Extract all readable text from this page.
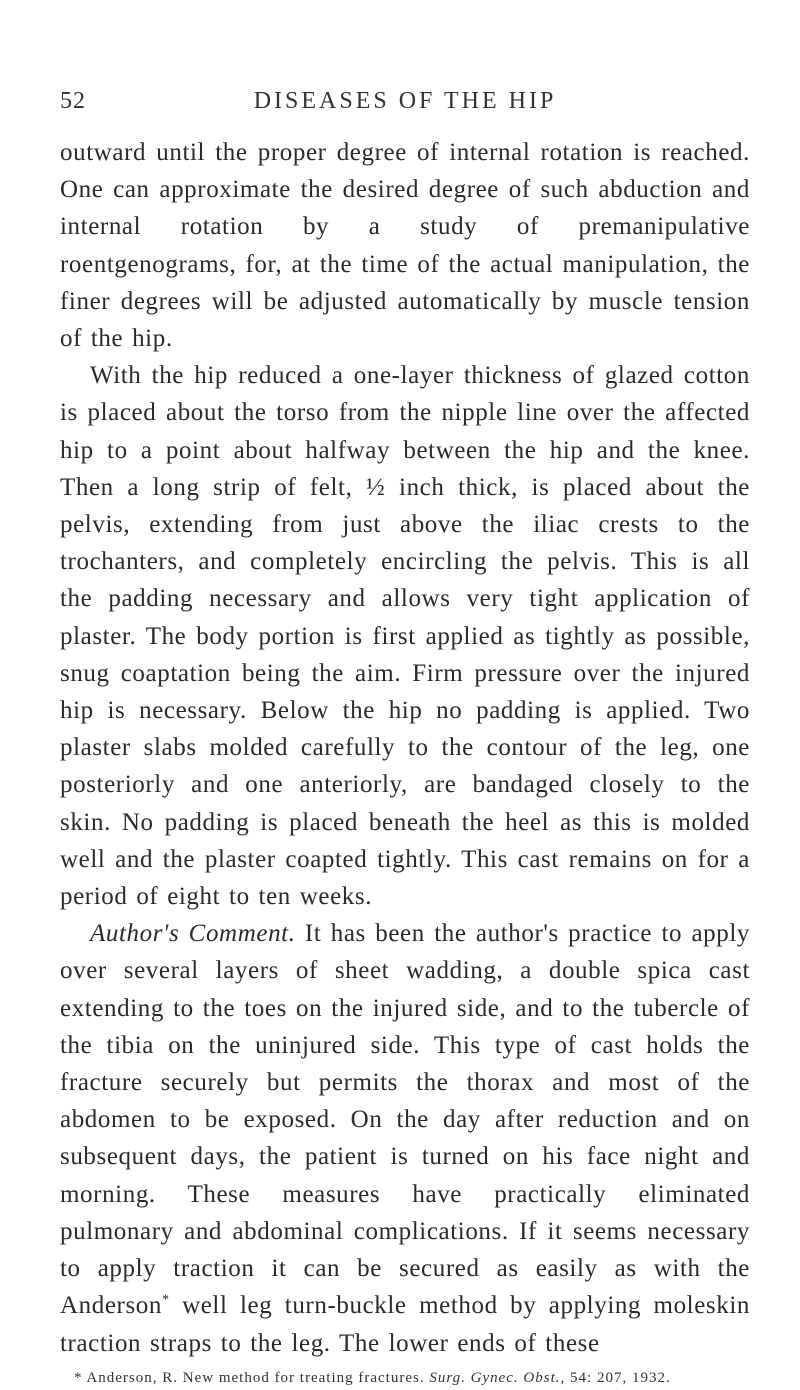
52	DISEASES OF THE HIP

outward until the proper degree of internal rotation is reached. One can approximate the desired degree of such abduction and internal rotation by a study of premanipulative roentgenograms, for, at the time of the actual manipulation, the finer degrees will be adjusted automatically by muscle tension of the hip.

With the hip reduced a one-layer thickness of glazed cotton is placed about the torso from the nipple line over the affected hip to a point about halfway between the hip and the knee. Then a long strip of felt, ½ inch thick, is placed about the pelvis, extending from just above the iliac crests to the trochanters, and completely encircling the pelvis. This is all the padding necessary and allows very tight application of plaster. The body portion is first applied as tightly as possible, snug coaptation being the aim. Firm pressure over the injured hip is necessary. Below the hip no padding is applied. Two plaster slabs molded carefully to the contour of the leg, one posteriorly and one anteriorly, are bandaged closely to the skin. No padding is placed beneath the heel as this is molded well and the plaster coapted tightly. This cast remains on for a period of eight to ten weeks.

Author's Comment. It has been the author's practice to apply over several layers of sheet wadding, a double spica cast extending to the toes on the injured side, and to the tubercle of the tibia on the uninjured side. This type of cast holds the fracture securely but permits the thorax and most of the abdomen to be exposed. On the day after reduction and on subsequent days, the patient is turned on his face night and morning. These measures have practically eliminated pulmonary and abdominal complications. If it seems necessary to apply traction it can be secured as easily as with the Anderson* well leg turn-buckle method by applying moleskin traction straps to the leg. The lower ends of these

* Anderson, R. New method for treating fractures. Surg. Gynec. Obst., 54: 207, 1932.
